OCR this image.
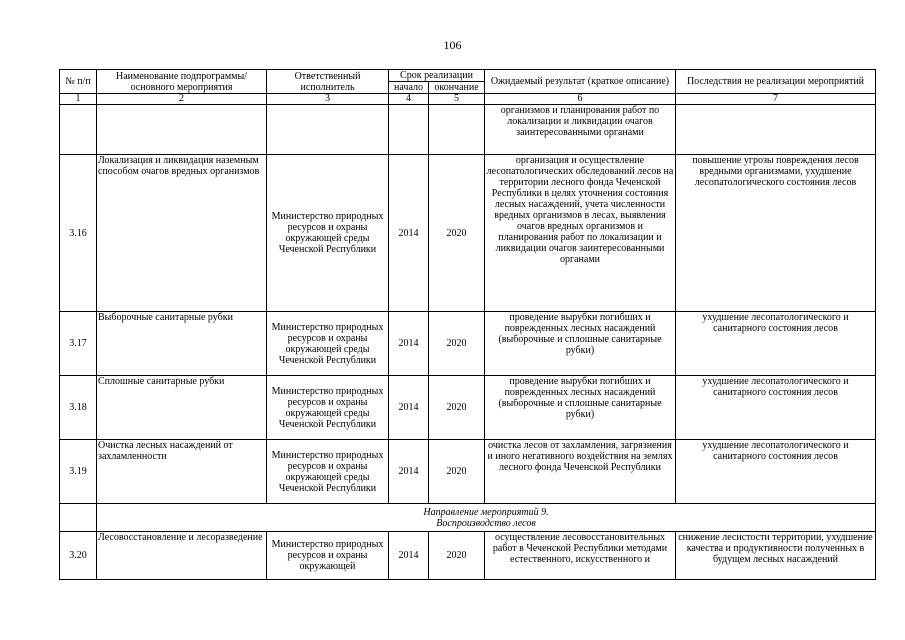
106
№ п/п	Наименование подпрограммы/ основного мероприятия	Ответственный исполнитель	Срок реализации		Ожидаемый результат (краткое описание)	Последствия не реализации мероприятий
			начало	окончание		
1	2	3	4	5	6	7
					организмов и планирования работ по локализации и ликвидации очагов заинтересованными органами	
3.16	Локализация и ликвидация наземным способом очагов вредных организмов	Министерство природных ресурсов и охраны окружающей среды Чеченской Республики	2014	2020	организация и осуществление лесопатологических обследований лесов на территории лесного фонда Чеченской Республики в целях уточнения состояния лесных насаждений, учета численности вредных организмов в лесах, выявления очагов вредных организмов и планирования работ по локализации и ликвидации очагов заинтересованными органами	повышение угрозы повреждения лесов вредными организмами, ухудшение лесопатологического состояния лесов
3.17	Выборочные санитарные рубки	Министерство природных ресурсов и охраны окружающей среды Чеченской Республики	2014	2020	проведение вырубки погибших и поврежденных лесных насаждений (выборочные и сплошные санитарные рубки)	ухудшение лесопатологического и санитарного состояния лесов
3.18	Сплошные санитарные рубки	Министерство природных ресурсов и охраны окружающей среды Чеченской Республики	2014	2020	проведение вырубки погибших и поврежденных лесных насаждений (выборочные и сплошные санитарные рубки)	ухудшение лесопатологического и санитарного состояния лесов
3.19	Очистка лесных насаждений от захламленности	Министерство природных ресурсов и охраны окружающей среды Чеченской Республики	2014	2020	очистка лесов от захламления, загрязнения и иного негативного воздействия на землях лесного фонда Чеченской Республики	ухудшение лесопатологического и санитарного состояния лесов

	Направление мероприятий 9.
Воспроизводство лесов					

3.20	Лесовосстановление и лесоразведение	Министерство природных ресурсов и охраны окружающей	2014	2020	осуществление лесовосстановительных работ в Чеченской Республики методами естественного, искусственного и	снижение лесистости территории, ухудшение качества и продуктивности полученных в будущем лесных насаждений
